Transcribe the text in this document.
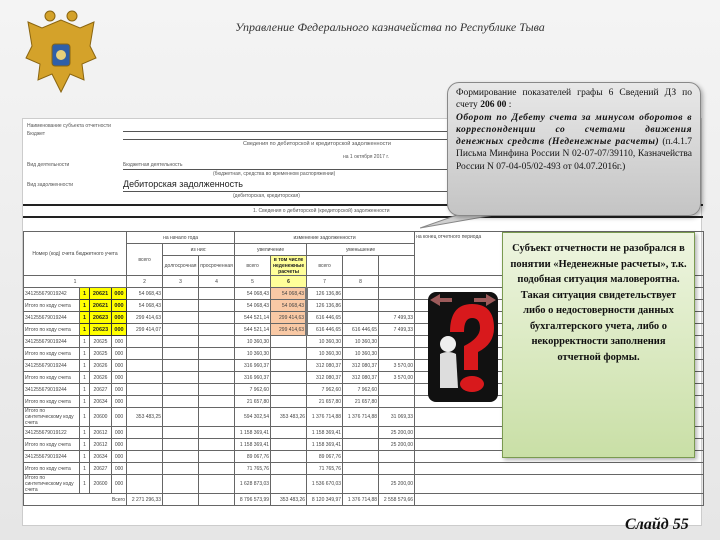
Управление Федерального казначейства по Республике Тыва
Наименование субъекта отчетности
Бюджет
Сведения по дебиторской и кредиторской задолженности
на 1 октября 2017 г.
Вид деятельности	Бюджетная деятельность
(бюджетная, средства во временном распоряжении)
Вид задолженности	Дебиторская задолженность
(дебиторская, кредиторская)
1. Сведения о дебиторской (кредиторской) задолженности
Номер (код) счета бюджетного учета				на начало года			изменение задолженности					на конец отчетного периода

				всего	из них:		увеличение		уменьшение			
					долгосрочная	просроченная	всего	в том числе неденежные расчеты	всего			
1				2	3	4	5	6	7	8		
341255679019242	1	20621	000	54 068,43			54 068,43	54 068,43	126 136,86			
Итого по коду счета	1	20621	000	54 068,43			54 068,43	54 068,43	126 136,86			
341255679019244	1	20623	000	299 414,63			544 521,14	299 414,63	616 446,65		7 499,33	
Итого по коду счета	1	20623	000	299 414,07			544 521,14	299 414,63	616 446,65	616 446,65	7 499,33	
341255679019244	1	20625	000				10 360,30		10 360,30	10 360,30		
Итого по коду счета	1	20625	000				10 360,30		10 360,30	10 360,30		
341255679019244	1	20626	000				316 960,37		312 080,37	312 080,37	3 570,00	
Итого по коду счета	1	20626	000				316 960,37		312 080,37	312 080,37	3 570,00	
341255679019244	1	20627	000				7 962,60		7 962,60	7 962,60		
Итого по коду счета	1	20634	000				21 657,80		21 657,80	21 657,80		
Итого по синтетическому коду счета	1	20600	000	353 483,25			594 302,54	353 483,26	1 376 714,88	1 376 714,88	31 069,33	
341255679019122	1	20612	000				1 158 369,41		1 158 369,41		25 200,00	
Итого по коду счета	1	20612	000				1 158 369,41		1 158 369,41		25 200,00	
341255679019244	1	20634	000				89 067,76		89 067,76			
Итого по коду счета	1	20627	000				71 765,76		71 765,76			
Итого по синтетическому коду счета	1	20600	000				1 628 873,03		1 536 670,03		25 200,00	
Всего				2 271 296,33			8 796 573,99	353 483,26	8 120 349,97	1 376 714,88	2 558 579,66	
Формирование показателей графы 6 Сведений ДЗ по счету 206 00 :
Оборот по Дебету счета за минусом оборотов в корреспонденции со счетами движения денежных средств (Неденежные расчеты) (п.4.1.7 Письма Минфина России N 02-07-07/39110, Казначейства России N 07-04-05/02-493 от 04.07.2016г.)
Субъект отчетности не разобрался в понятии «Неденежные расчеты», т.к. подобная ситуация маловероятна. Такая ситуация свидетельствует либо о недостоверности данных бухгалтерского учета, либо о некорректности заполнения отчетной формы.
Слайд 55
